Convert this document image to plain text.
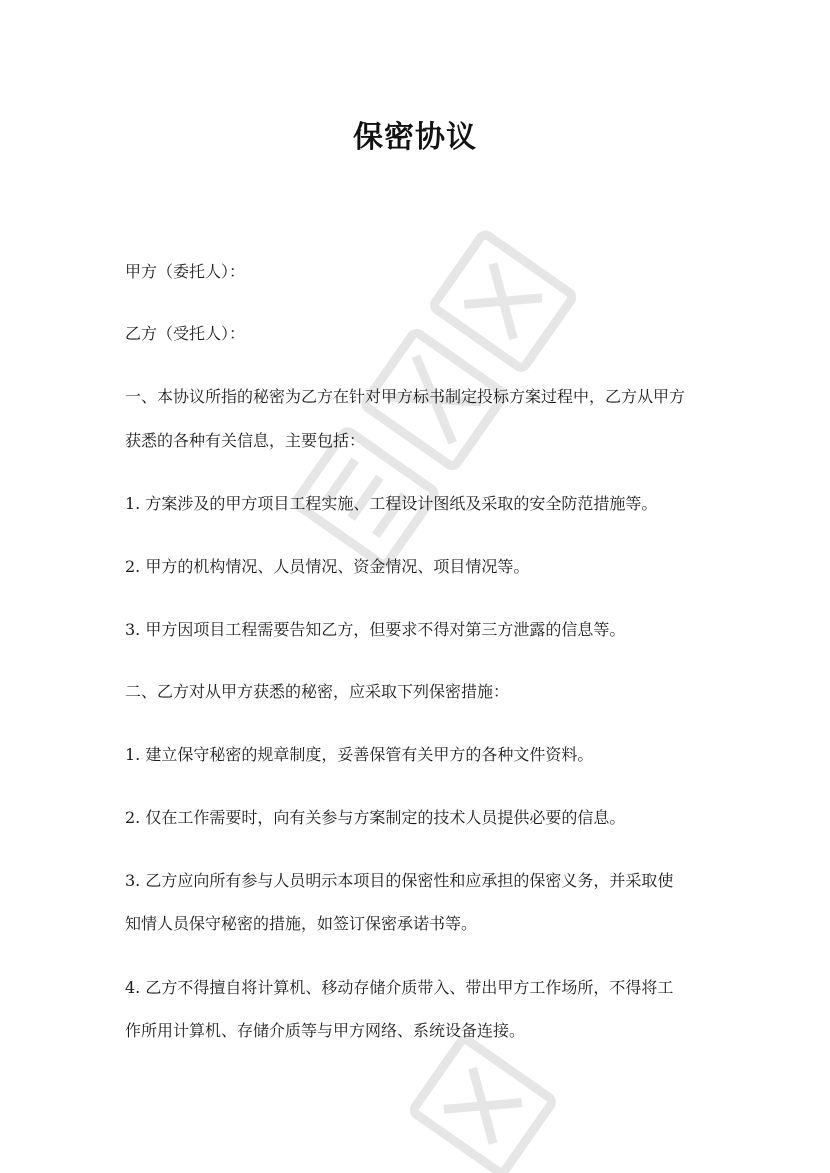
保密协议
甲方（委托人）：
乙方（受托人）：
一、本协议所指的秘密为乙方在针对甲方标书制定投标方案过程中，乙方从甲方
获悉的各种有关信息，主要包括：
1. 方案涉及的甲方项目工程实施、工程设计图纸及采取的安全防范措施等。
2. 甲方的机构情况、人员情况、资金情况、项目情况等。
3. 甲方因项目工程需要告知乙方，但要求不得对第三方泄露的信息等。
二、乙方对从甲方获悉的秘密，应采取下列保密措施：
1. 建立保守秘密的规章制度，妥善保管有关甲方的各种文件资料。
2. 仅在工作需要时，向有关参与方案制定的技术人员提供必要的信息。
3. 乙方应向所有参与人员明示本项目的保密性和应承担的保密义务，并采取使
知情人员保守秘密的措施，如签订保密承诺书等。
4. 乙方不得擅自将计算机、移动存储介质带入、带出甲方工作场所，不得将工
作所用计算机、存储介质等与甲方网络、系统设备连接。
